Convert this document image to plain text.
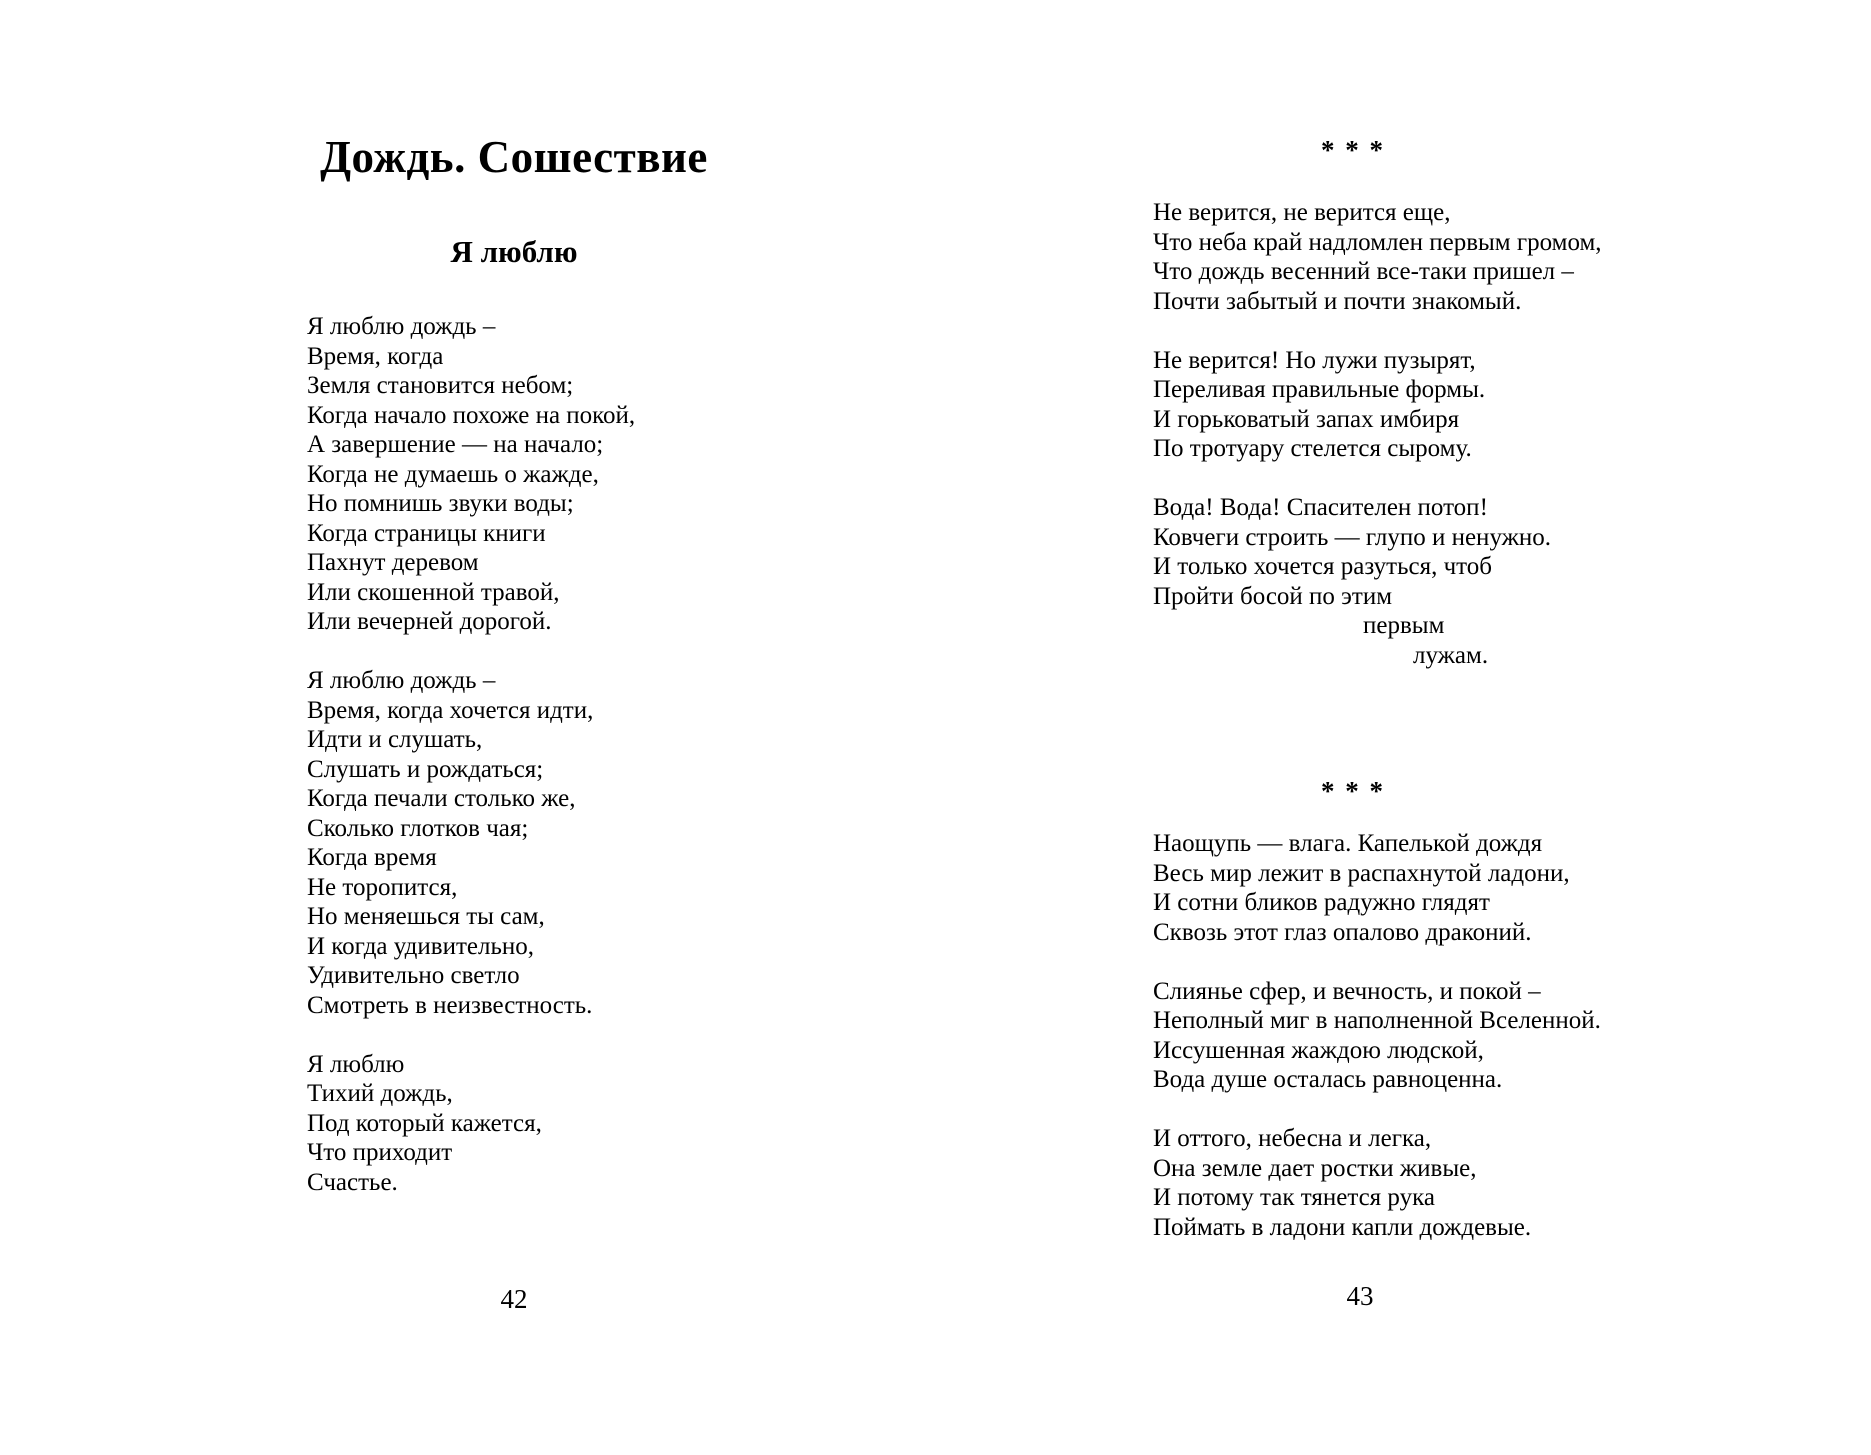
Дождь. Сошествие
Я люблю
Я люблю дождь –
Время, когда
Земля становится небом;
Когда начало похоже на покой,
А завершение — на начало;
Когда не думаешь о жажде,
Но помнишь звуки воды;
Когда страницы книги
Пахнут деревом
Или скошенной травой,
Или вечерней дорогой.
Я люблю дождь –
Время, когда хочется идти,
Идти и слушать,
Слушать и рождаться;
Когда печали столько же,
Сколько глотков чая;
Когда время
Не торопится,
Но меняешься ты сам,
И когда удивительно,
Удивительно светло
Смотреть в неизвестность.
Я люблю
Тихий дождь,
Под который кажется,
Что приходит
Счастье.
42
* * *
Не верится, не верится еще,
Что неба край надломлен первым громом,
Что дождь весенний все-таки пришел –
Почти забытый и почти знакомый.
Не верится! Но лужи пузырят,
Переливая правильные формы.
И горьковатый запах имбиря
По тротуару стелется сырому.
Вода! Вода! Спасителен потоп!
Ковчеги строить — глупо и ненужно.
И только хочется разуться, чтоб
Пройти босой по этим
первым
лужам.
* * *
Наощупь — влага. Капелькой дождя
Весь мир лежит в распахнутой ладони,
И сотни бликов радужно глядят
Сквозь этот глаз опалово драконий.
Слиянье сфер, и вечность, и покой –
Неполный миг в наполненной Вселенной.
Иссушенная жаждою людской,
Вода душе осталась равноценна.
И оттого, небесна и легка,
Она земле дает ростки живые,
И потому так тянется рука
Поймать в ладони капли дождевые.
43
